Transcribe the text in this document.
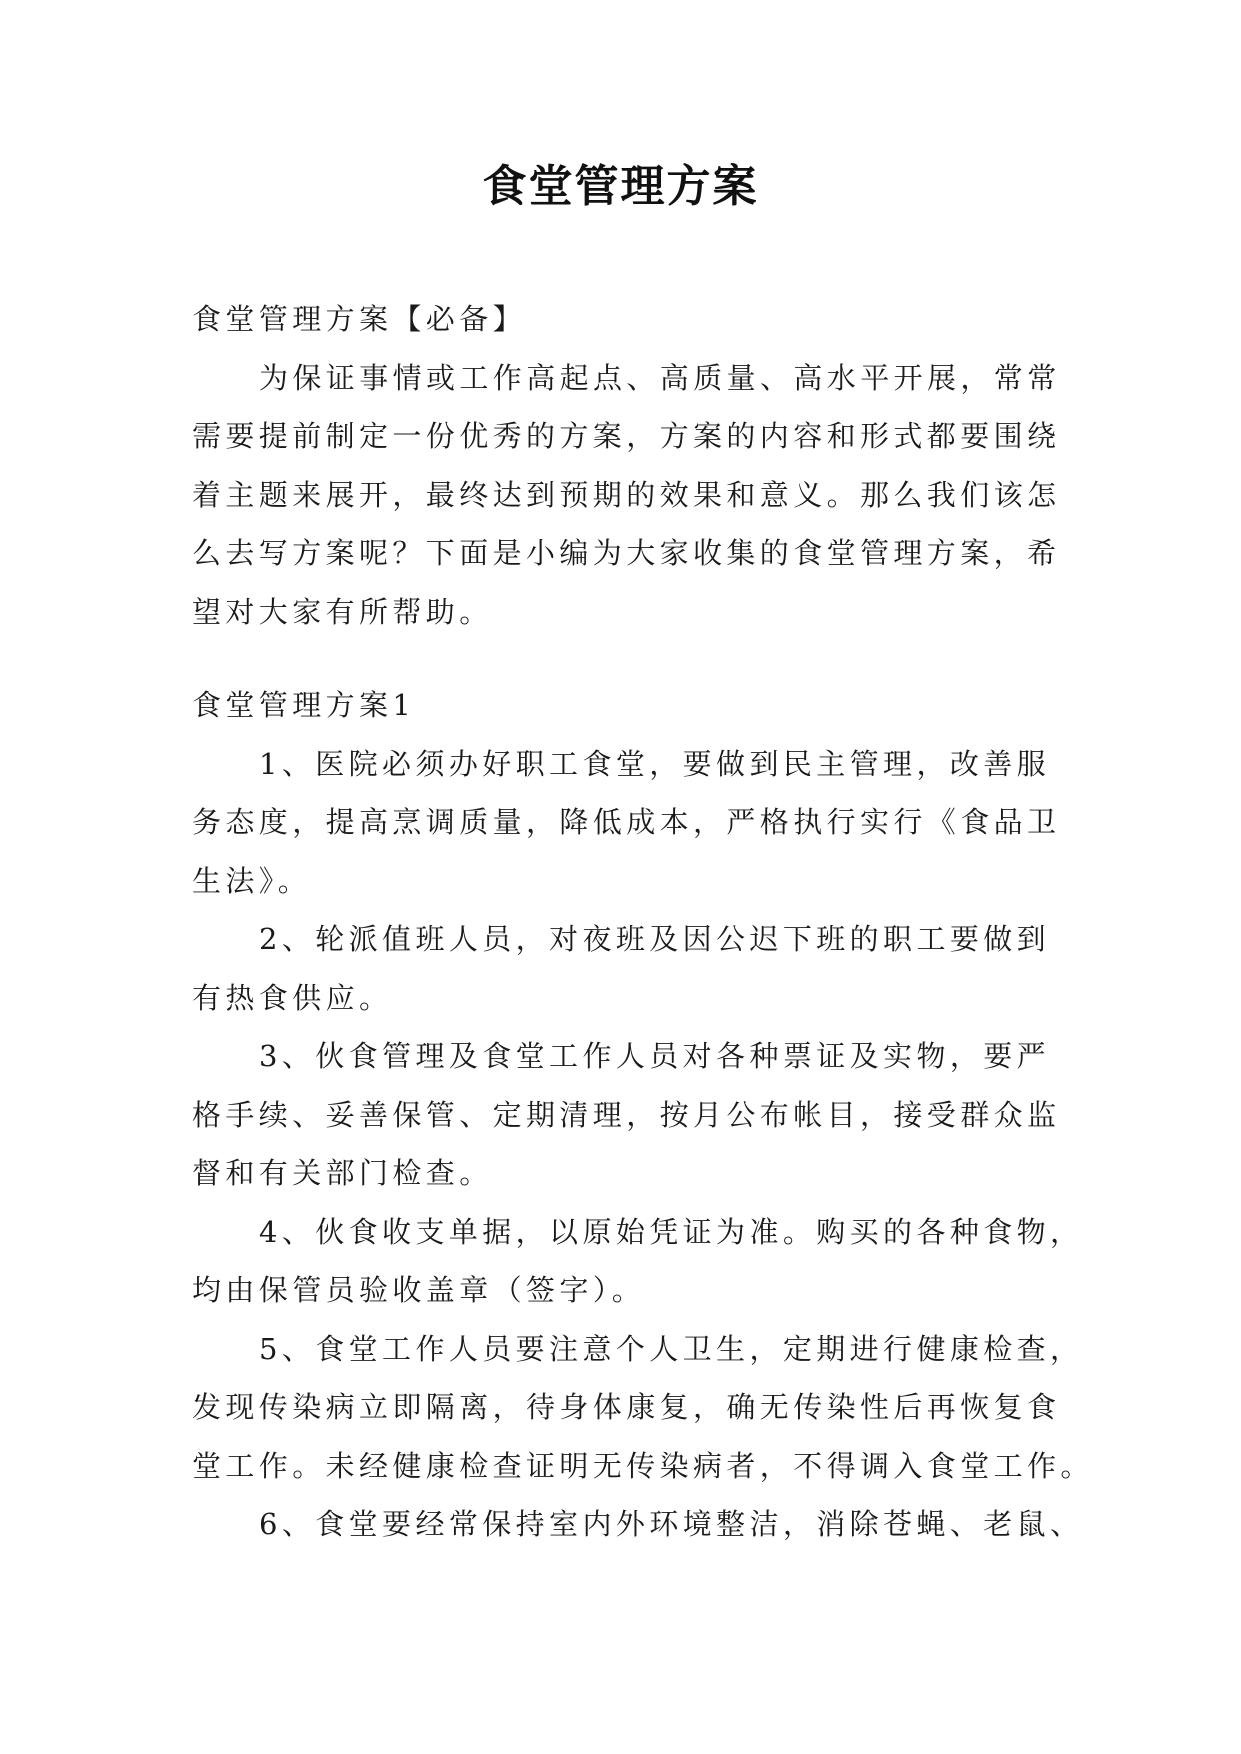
食堂管理方案
食堂管理方案【必备】
为保证事情或工作高起点、高质量、高水平开展，常常
需要提前制定一份优秀的方案，方案的内容和形式都要围绕
着主题来展开，最终达到预期的效果和意义。那么我们该怎
么去写方案呢？下面是小编为大家收集的食堂管理方案，希
望对大家有所帮助。
食堂管理方案1
1、医院必须办好职工食堂，要做到民主管理，改善服
务态度，提高烹调质量，降低成本，严格执行实行《食品卫
生法》。
2、轮派值班人员，对夜班及因公迟下班的职工要做到
有热食供应。
3、伙食管理及食堂工作人员对各种票证及实物，要严
格手续、妥善保管、定期清理，按月公布帐目，接受群众监
督和有关部门检查。
4、伙食收支单据，以原始凭证为准。购买的各种食物，
均由保管员验收盖章（签字）。
5、食堂工作人员要注意个人卫生，定期进行健康检查，
发现传染病立即隔离，待身体康复，确无传染性后再恢复食
堂工作。未经健康检查证明无传染病者，不得调入食堂工作。
6、食堂要经常保持室内外环境整洁，消除苍蝇、老鼠、
